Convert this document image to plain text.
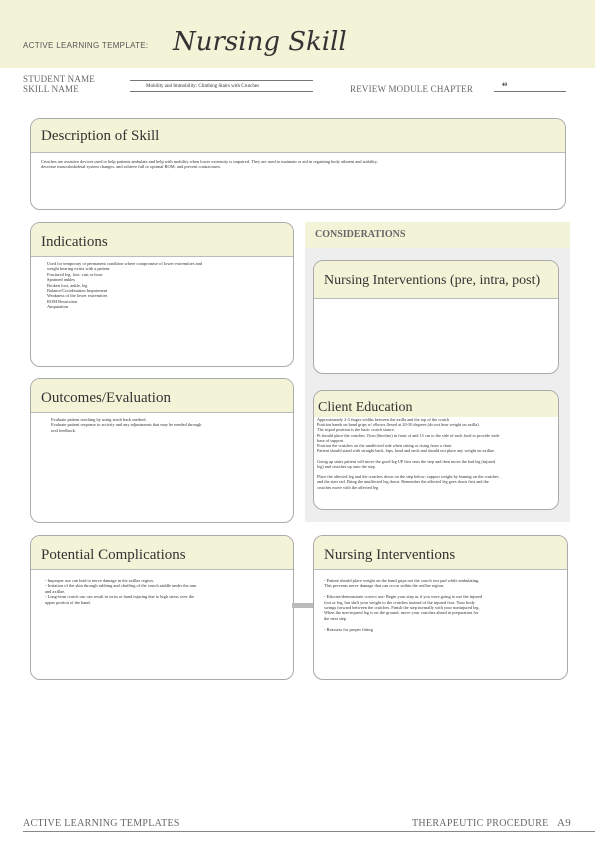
ACTIVE LEARNING TEMPLATE: Nursing Skill
STUDENT NAME
SKILL NAME	Mobility and Immobility: Climbing Stairs with Crutches	REVIEW MODULE CHAPTER	40
Description of Skill
Crutches are assistive devices used to help patients ambulate and help with mobility when lower extremity is impaired. They are used to maintain or aid in regaining body ailment and stability,
decrease musculoskeletal system changes, and achieve full or optimal ROM, and prevent contractures.
Indications
Used for temporary or permanent condition where compromise of lower extremities and
weight bearing exists with a patient.
Fractured leg, foot. cast or boot.
Sprained ankles
Broken foot, ankle, leg
Balance/Coordination Impairment
Weakness of the lower extremities
ROM Restriction
Amputation
Outcomes/Evaluation
Evaluate patient teaching by using teach back method.
Evaluate patient response to activity and any adjustments that may be needed through
oral feedback.
CONSIDERATIONS
Nursing Interventions (pre, intra, post)
Client Education
Approximately 2-3 finger widths between the axilla and the top of the crutch
Position hands on hand grips w/ elbows flexed at 20-30 degrees (do not bear weight on axilla).
The tripod position is the basic crutch stance.
Pt should place the crutches 15cm (6inches) in front of and 15 cm to the side of each food to provide wide
base of support
Position the crutches on the unaffected side when sitting or rising from a chair
Patient should stand with straight back, hips, head and neck and should not place any weight on axillae.

Going up stairs patient will move the good leg UP first onto the step and then move the bad leg (injured
leg) and crutches up onto the step

Place the affected leg and the crutches down on the step below; support weight by leaning on the crutches
and the stair rail. Bring the unaffected leg down. Remember the affected leg goes down first and the
crutches move with the affected leg
Potential Complications
- Improper use can lead to nerve damage in the axillae region.
- Irritation of the skin through rubbing and chaffing of the crutch saddle under the arm
and axillae.
- Long-term crutch use can result in wrist or hand injuring due to high stress over the
upper portion of the hand.
Nursing Interventions
- Patient should place weight on the hand grips not the crutch rest pad while ambulating.
This prevents nerve damage that can occur within the axillae region.

- Educate/demonstrate correct use: Begin your step as if you were going to use the injured
foot or leg, but shift your weight to the crutches instead of the injured foot. Your body
swings forward between the crutches. Finish the step normally with your noninjured leg.
When the non-injured leg is on the ground, move your crutches ahead in preparation for
the next step

- Reassess for proper fitting
ACTIVE LEARNING TEMPLATES	THERAPEUTIC PROCEDURE A9
